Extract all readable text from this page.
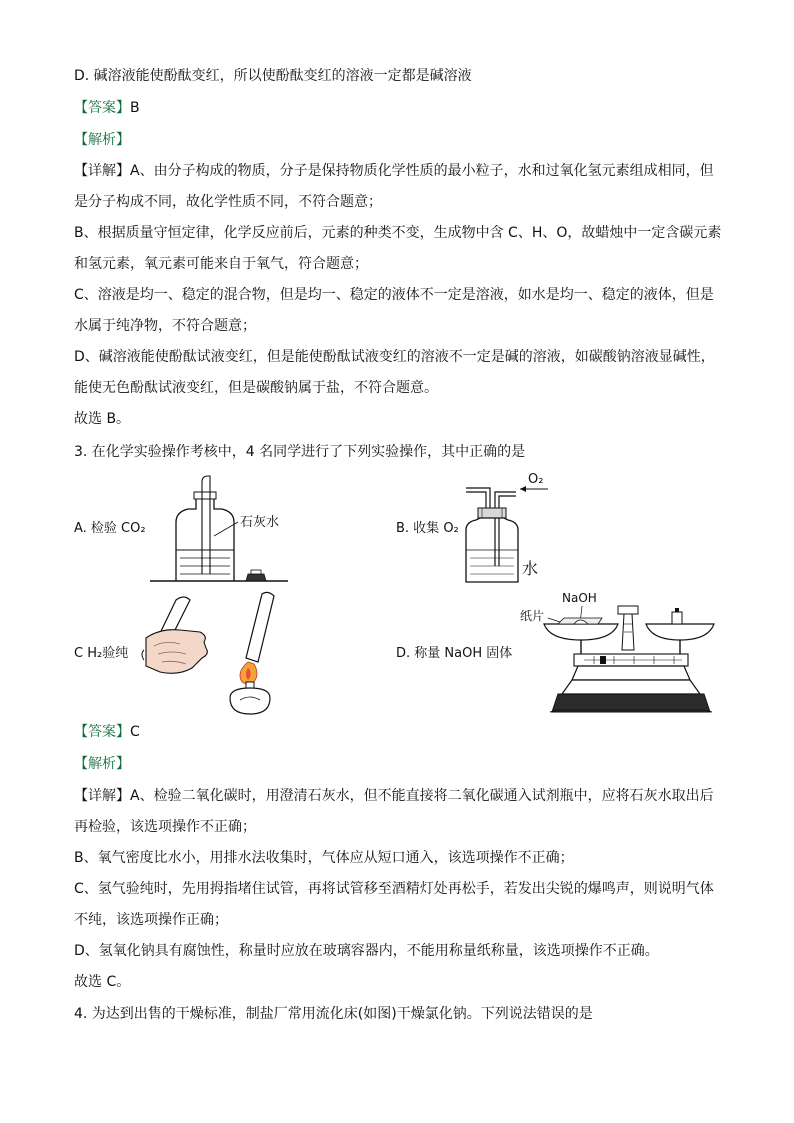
D. 碱溶液能使酚酞变红，所以使酚酞变红的溶液一定都是碱溶液
【答案】B
【解析】
【详解】A、由分子构成的物质，分子是保持物质化学性质的最小粒子，水和过氧化氢元素组成相同，但
是分子构成不同，故化学性质不同，不符合题意；
B、根据质量守恒定律，化学反应前后，元素的种类不变，生成物中含 C、H、O，故蜡烛中一定含碳元素
和氢元素，氧元素可能来自于氧气，符合题意；
C、溶液是均一、稳定的混合物，但是均一、稳定的液体不一定是溶液，如水是均一、稳定的液体，但是
水属于纯净物，不符合题意；
D、碱溶液能使酚酞试液变红，但是能使酚酞试液变红的溶液不一定是碱的溶液，如碳酸钠溶液显碱性，
能使无色酚酞试液变红，但是碳酸钠属于盐，不符合题意。
故选 B。
3. 在化学实验操作考核中，4 名同学进行了下列实验操作，其中正确的是
A. 检验 CO₂	B. 收集 O₂
C H₂验纯	D. 称量 NaOH 固体
石灰水
O₂
水
NaOH
纸片
【答案】C
【解析】
【详解】A、检验二氧化碳时，用澄清石灰水，但不能直接将二氧化碳通入试剂瓶中，应将石灰水取出后
再检验，该选项操作不正确；
B、氧气密度比水小，用排水法收集时，气体应从短口通入，该选项操作不正确；
C、氢气验纯时，先用拇指堵住试管，再将试管移至酒精灯处再松手，若发出尖锐的爆鸣声，则说明气体
不纯，该选项操作正确；
D、氢氧化钠具有腐蚀性，称量时应放在玻璃容器内，不能用称量纸称量，该选项操作不正确。
故选 C。
4. 为达到出售的干燥标准，制盐厂常用流化床(如图)干燥氯化钠。下列说法错误的是
